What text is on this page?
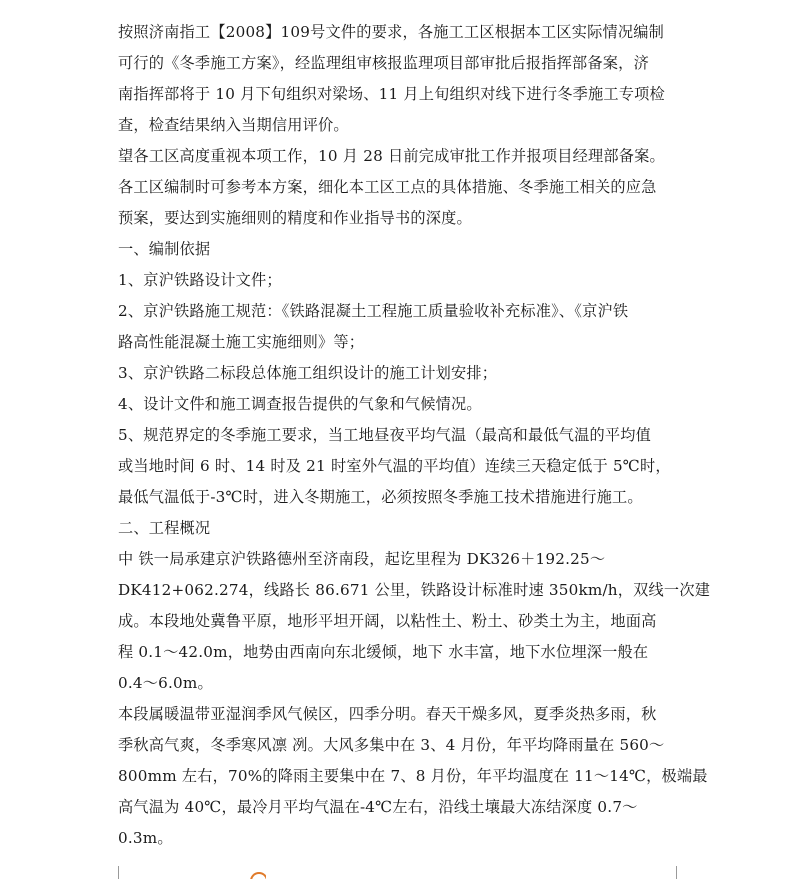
按照济南指工【2008】109号文件的要求，各施工工区根据本工区实际情况编制
可行的《冬季施工方案》，经监理组审核报监理项目部审批后报指挥部备案，济
南指挥部将于 10 月下旬组织对梁场、11 月上旬组织对线下进行冬季施工专项检
查，检查结果纳入当期信用评价。
望各工区高度重视本项工作，10 月 28 日前完成审批工作并报项目经理部备案。
各工区编制时可参考本方案，细化本工区工点的具体措施、冬季施工相关的应急
预案，要达到实施细则的精度和作业指导书的深度。
一、编制依据
1、京沪铁路设计文件；
2、京沪铁路施工规范：《铁路混凝土工程施工质量验收补充标准》、《京沪铁
路高性能混凝土施工实施细则》等；
3、京沪铁路二标段总体施工组织设计的施工计划安排；
4、设计文件和施工调查报告提供的气象和气候情况。
5、规范界定的冬季施工要求，当工地昼夜平均气温（最高和最低气温的平均值
或当地时间 6 时、14 时及 21 时室外气温的平均值）连续三天稳定低于 5℃时，
最低气温低于-3℃时，进入冬期施工，必须按照冬季施工技术措施进行施工。
二、工程概况
中 铁一局承建京沪铁路德州至济南段，起讫里程为 DK326＋192.25～
DK412+062.274，线路长 86.671 公里，铁路设计标准时速 350km/h，双线一次建
成。本段地处冀鲁平原，地形平坦开阔，以粘性土、粉土、砂类土为主，地面高
程 0.1～42.0m，地势由西南向东北缓倾，地下 水丰富，地下水位埋深一般在
0.4～6.0m。
本段属暖温带亚湿润季风气候区，四季分明。春天干燥多风，夏季炎热多雨，秋
季秋高气爽，冬季寒风凛 冽。大风多集中在 3、4 月份，年平均降雨量在 560～
800mm 左右，70%的降雨主要集中在 7、8 月份，年平均温度在 11～14℃，极端最
高气温为 40℃，最冷月平均气温在-4℃左右，沿线土壤最大冻结深度 0.7～
0.3m。
